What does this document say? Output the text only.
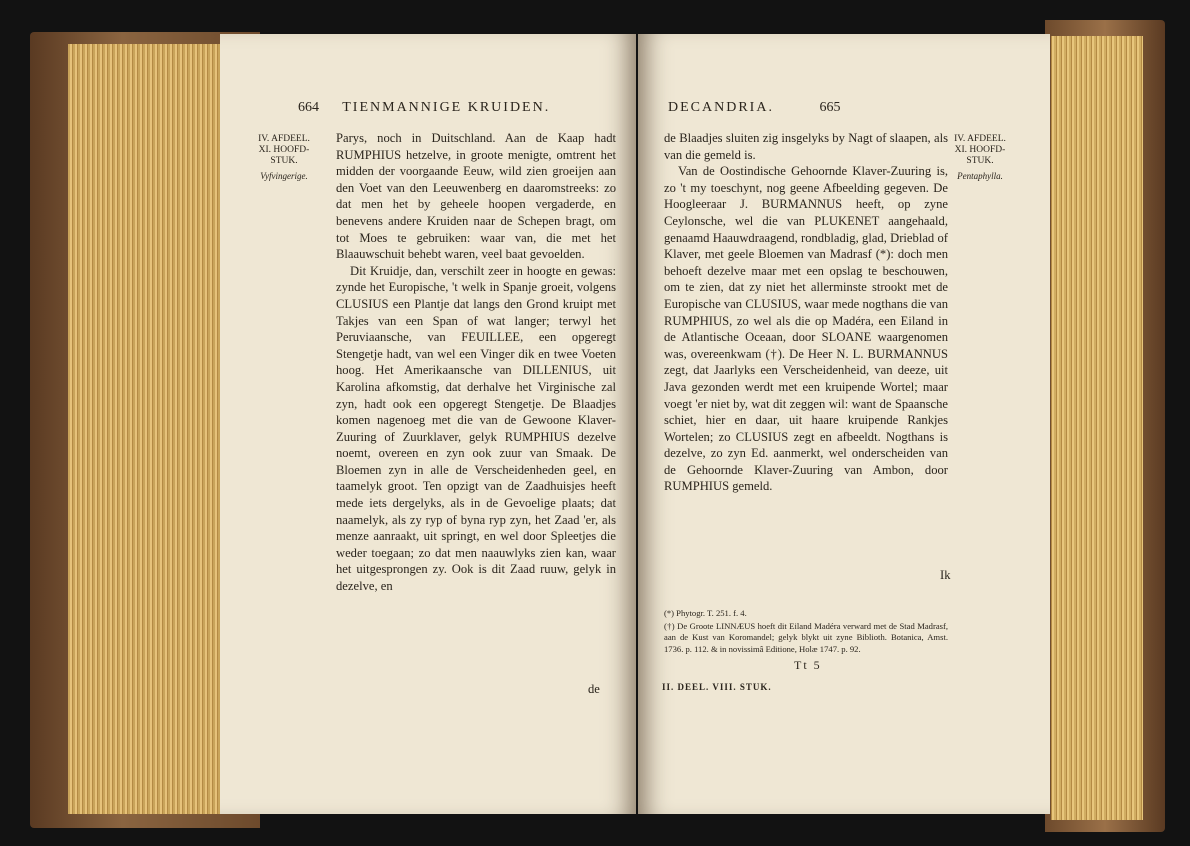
664 TIENMANNIGE KRUIDEN.
IV. AFDEEL. XI. HOOFD-STUK.
Vyfvingerige.

Parys, noch in Duitschland. Aan de Kaap hadt RUMPHIUS hetzelve, in groote menigte, omtrent het midden der voorgaande Eeuw, wild zien groeijen aan den Voet van den Leeuwenberg en daaromstreeks: zo dat men het by geheele hoopen vergaderde, en benevens andere Kruiden naar de Schepen bragt, om tot Moes te gebruiken: waar van, die met het Blaauwschuit behebt waren, veel baat gevoelden.

Dit Kruidje, dan, verschilt zeer in hoogte en gewas: zynde het Europische, 't welk in Spanje groeit, volgens CLUSIUS een Plantje dat langs den Grond kruipt met Takjes van een Span of wat langer; terwyl het Peruviaansche, van FEUILLEE, een opgeregt Stengetje hadt, van wel een Vinger dik en twee Voeten hoog. Het Amerikaansche van DILLENIUS, uit Karolina afkomstig, dat derhalve het Virginische zal zyn, hadt ook een opgeregt Stengetje. De Blaadjes komen nagenoeg met die van de Gewoone Klaver-Zuuring of Zuurklaver, gelyk RUMPHIUS dezelve noemt, overeen en zyn ook zuur van Smaak. De Bloemen zyn in alle de Verscheidenheden geel, en taamelyk groot. Ten opzigt van de Zaadhuisjes heeft mede iets dergelyks, als in de Gevoelige plaats; dat naamelyk, als zy ryp of byna ryp zyn, het Zaad 'er, als menze aanraakt, uit springt, en wel door Spleetjes die weder toegaan; zo dat men naauwlyks zien kan, waar het uitgesprongen zy. Ook is dit Zaad ruuw, gelyk in dezelve, en

de
DECANDRIA.	665
IV. AFDEEL. XI. HOOFD-STUK.
Pentaphylla.

de Blaadjes sluiten zig insgelyks by Nagt of slaapen, als van die gemeld is.

Van de Oostindische Gehoornde Klaver-Zuuring is, zo 't my toeschynt, nog geene Afbeelding gegeven. De Hoogleeraar J. BURMANNUS heeft, op zyne Ceylonsche, wel die van PLUKENET aangehaald, genaamd Haauwdraagend, rondbladig, glad, Drieblad of Klaver, met geele Bloemen van Madrasf (*): doch men behoeft dezelve maar met een opslag te beschouwen, om te zien, dat zy niet het allerminste strookt met de Europische van CLUSIUS, waar mede nogthans die van RUMPHIUS, zo wel als die op Madéra, een Eiland in de Atlantische Oceaan, door SLOANE waargenomen was, overeenkwam (†). De Heer N. L. BURMANNUS zegt, dat Jaarlyks een Verscheidenheid, van deeze, uit Java gezonden werdt met een kruipende Wortel; maar voegt 'er niet by, wat dit zeggen wil: want de Spaansche schiet, hier en daar, uit haare kruipende Rankjes Wortelen; zo CLUSIUS zegt en afbeeldt. Nogthans is dezelve, zo zyn Ed. aanmerkt, wel onderscheiden van de Gehoornde Klaver-Zuuring van Ambon, door RUMPHIUS gemeld.

Ik

(*) Phytogr. T. 251. f. 4.

(†) De Groote LINNÆUS hoeft dit Eiland Madéra verward met de Stad Madrasf, aan de Kust van Koromandel; gelyk blykt uit zyne Biblioth. Botanica, Amst. 1736. p. 112. & in novissimâ Editione, Holæ 1747. p. 92.

Tt 5
II. DEEL. VIII. STUK.
